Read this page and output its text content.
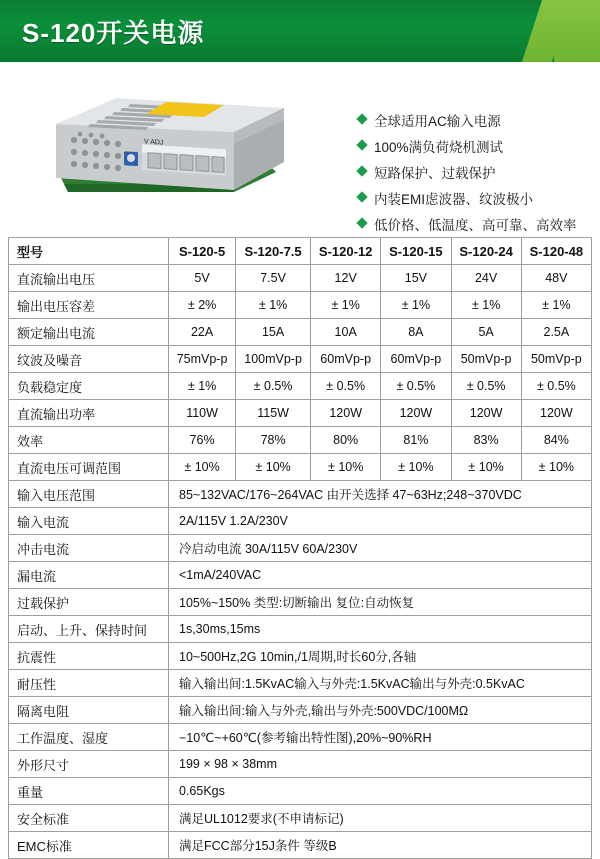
S-120开关电源
V ADJ
全球适用AC输入电源
100%满负荷烧机测试
短路保护、过载保护
内装EMI虑波器、纹波极小
低价格、低温度、高可靠、高效率
型号	S-120-5	S-120-7.5	S-120-12	S-120-15	S-120-24	S-120-48
直流输出电压	5V	7.5V	12V	15V	24V	48V
输出电压容差	± 2%	± 1%	± 1%	± 1%	± 1%	± 1%
额定输出电流	22A	15A	10A	8A	5A	2.5A
纹波及噪音	75mVp-p	100mVp-p	60mVp-p	60mVp-p	50mVp-p	50mVp-p
负载稳定度	± 1%	± 0.5%	± 0.5%	± 0.5%	± 0.5%	± 0.5%
直流输出功率	110W	115W	120W	120W	120W	120W
效率	76%	78%	80%	81%	83%	84%
直流电压可调范围	± 10%	± 10%	± 10%	± 10%	± 10%	± 10%
输入电压范围	85~132VAC/176~264VAC 由开关选择 47~63Hz;248~370VDC					
输入电流	2A/115V 1.2A/230V					
冲击电流	冷启动电流 30A/115V 60A/230V					
漏电流	<1mA/240VAC					
过载保护	105%~150% 类型:切断输出 复位:自动恢复					
启动、上升、保持时间	1s,30ms,15ms					
抗震性	10~500Hz,2G 10min,/1周期,时长60分,各轴					
耐压性	输入输出间:1.5KvAC输入与外壳:1.5KvAC输出与外壳:0.5KvAC					
隔离电阻	输入输出间:输入与外壳,输出与外壳:500VDC/100MΩ					
工作温度、湿度	−10℃~+60℃(参考输出特性图),20%~90%RH					
外形尺寸	199 × 98 × 38mm					
重量	0.65Kgs					
安全标准	满足UL1012要求(不申请标记)					
EMC标准	满足FCC部分15J条件 等级B					
